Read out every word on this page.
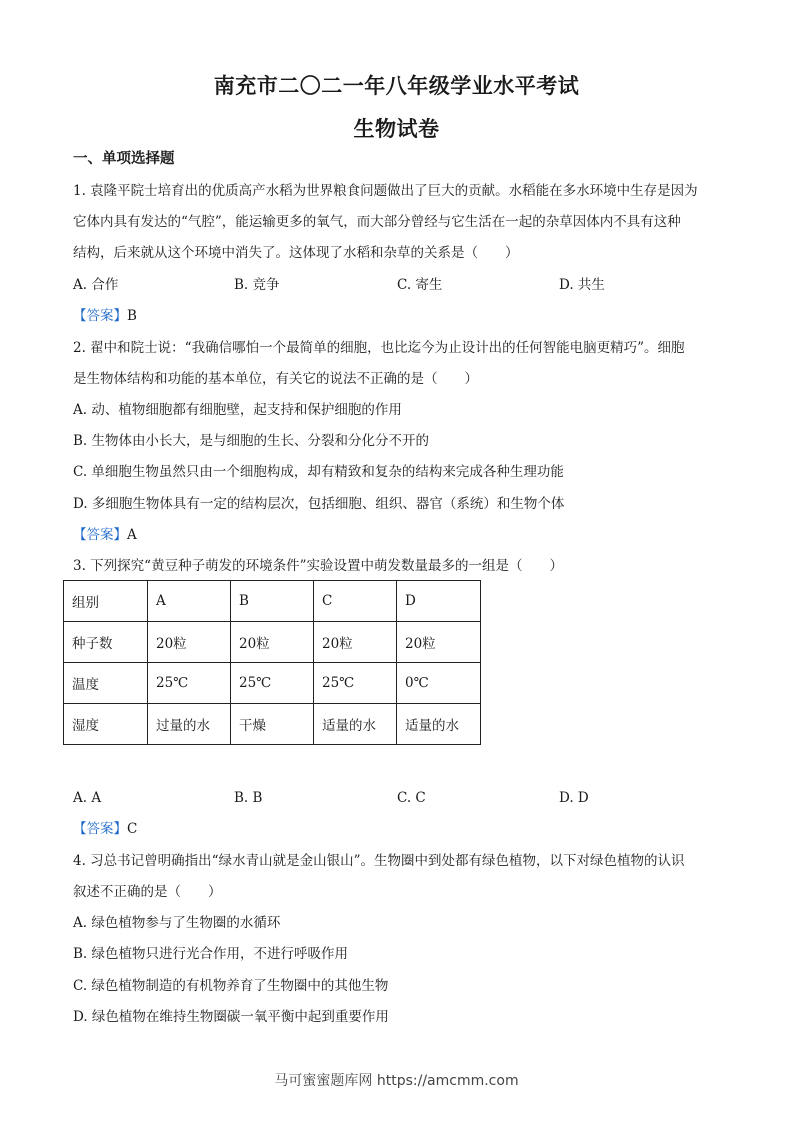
南充市二〇二一年八年级学业水平考试
生物试卷
一、单项选择题
1. 袁隆平院士培育出的优质高产水稻为世界粮食问题做出了巨大的贡献。水稻能在多水环境中生存是因为
它体内具有发达的“气腔”，能运输更多的氧气，而大部分曾经与它生活在一起的杂草因体内不具有这种
结构，后来就从这个环境中消失了。这体现了水稻和杂草的关系是（　　）
A. 合作	B. 竞争	C. 寄生	D. 共生
【答案】B
2. 翟中和院士说：“我确信哪怕一个最简单的细胞，也比迄今为止设计出的任何智能电脑更精巧”。细胞
是生物体结构和功能的基本单位，有关它的说法不正确的是（　　）
A. 动、植物细胞都有细胞壁，起支持和保护细胞的作用
B. 生物体由小长大，是与细胞的生长、分裂和分化分不开的
C. 单细胞生物虽然只由一个细胞构成，却有精致和复杂的结构来完成各种生理功能
D. 多细胞生物体具有一定的结构层次，包括细胞、组织、器官（系统）和生物个体
【答案】A
3. 下列探究“黄豆种子萌发的环境条件”实验设置中萌发数量最多的一组是（　　）
组别	A	B	C	D
种子数	20粒	20粒	20粒	20粒
温度	25℃	25℃	25℃	0℃
湿度	过量的水	干燥	适量的水	适量的水
A. A	B. B	C. C	D. D
【答案】C
4. 习总书记曾明确指出“绿水青山就是金山银山”。生物圈中到处都有绿色植物，以下对绿色植物的认识
叙述不正确的是（　　）
A. 绿色植物参与了生物圈的水循环
B. 绿色植物只进行光合作用，不进行呼吸作用
C. 绿色植物制造的有机物养育了生物圈中的其他生物
D. 绿色植物在维持生物圈碳一氧平衡中起到重要作用
马可蜜蜜题库网 https://amcmm.com
